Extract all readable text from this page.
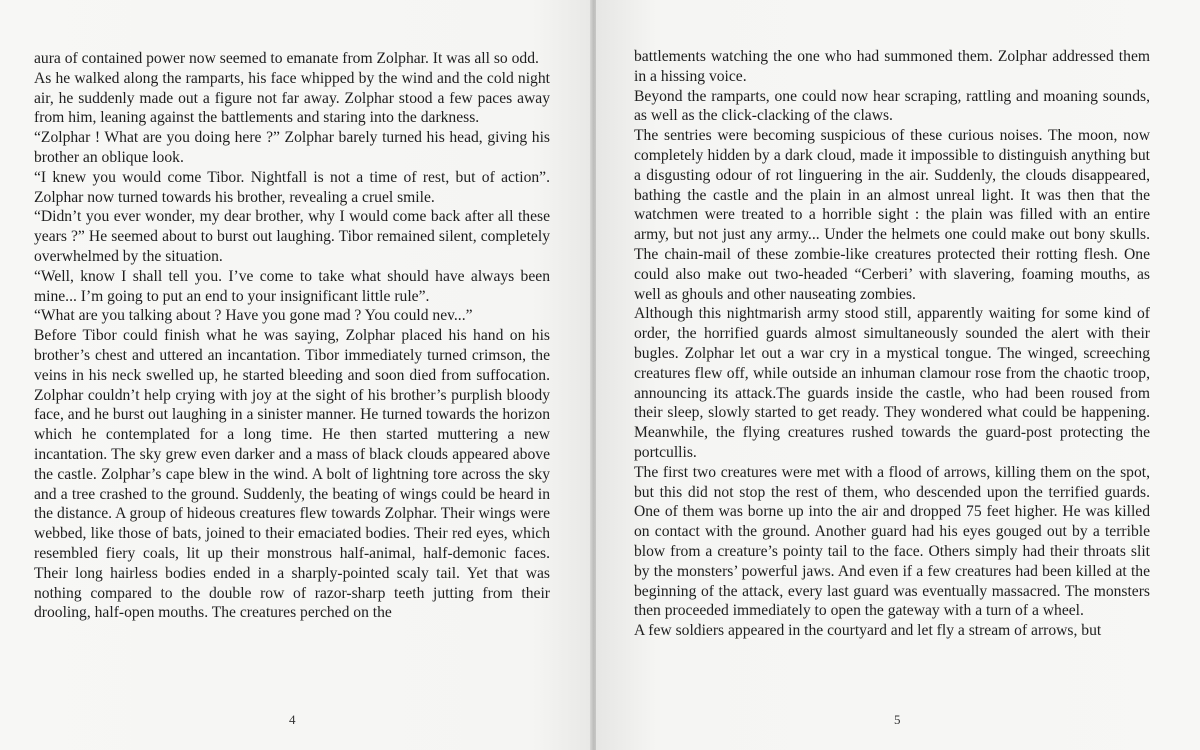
aura of contained power now seemed to emanate from Zolphar. It was all so odd.

As he walked along the ramparts, his face whipped by the wind and the cold night air, he suddenly made out a figure not far away. Zolphar stood a few paces away from him, leaning against the battlements and staring into the darkness.

“Zolphar ! What are you doing here ?” Zolphar barely turned his head, giving his brother an oblique look.

“I knew you would come Tibor. Nightfall is not a time of rest, but of action”. Zolphar now turned towards his brother, revealing a cruel smile.

“Didn’t you ever wonder, my dear brother, why I would come back after all these years ?” He seemed about to burst out laughing. Tibor remained silent, completely overwhelmed by the situation.

“Well, know I shall tell you. I’ve come to take what should have always been mine... I’m going to put an end to your insignificant little rule”.

“What are you talking about ? Have you gone mad ? You could nev...”

Before Tibor could finish what he was saying, Zolphar placed his hand on his brother’s chest and uttered an incantation. Tibor immediately turned crimson, the veins in his neck swelled up, he started bleeding and soon died from suffocation. Zolphar couldn’t help crying with joy at the sight of his brother’s purplish bloody face, and he burst out laughing in a sinister manner. He turned towards the horizon which he contemplated for a long time. He then started muttering a new incantation. The sky grew even darker and a mass of black clouds appeared above the castle. Zolphar’s cape blew in the wind. A bolt of lightning tore across the sky and a tree crashed to the ground. Suddenly, the beating of wings could be heard in the distance. A group of hideous creatures flew towards Zolphar. Their wings were webbed, like those of bats, joined to their emaciated bodies. Their red eyes, which resembled fiery coals, lit up their monstrous half-animal, half-demonic faces. Their long hairless bodies ended in a sharply-pointed scaly tail. Yet that was nothing compared to the double row of razor-sharp teeth jutting from their drooling, half-open mouths. The creatures perched on the

4

battlements watching the one who had summoned them. Zolphar addressed them in a hissing voice.

Beyond the ramparts, one could now hear scraping, rattling and moaning sounds, as well as the click-clacking of the claws.

The sentries were becoming suspicious of these curious noises. The moon, now completely hidden by a dark cloud, made it impossible to distinguish anything but a disgusting odour of rot linguering in the air. Suddenly, the clouds disappeared, bathing the castle and the plain in an almost unreal light. It was then that the watchmen were treated to a horrible sight : the plain was filled with an entire army, but not just any army... Under the helmets one could make out bony skulls. The chain-mail of these zombie-like creatures protected their rotting flesh. One could also make out two-headed “Cerberi’ with slavering, foaming mouths, as well as ghouls and other nauseating zombies.

Although this nightmarish army stood still, apparently waiting for some kind of order, the horrified guards almost simultaneously sounded the alert with their bugles. Zolphar let out a war cry in a mystical tongue. The winged, screeching creatures flew off, while outside an inhuman clamour rose from the chaotic troop, announcing its attack.The guards inside the castle, who had been roused from their sleep, slowly started to get ready. They wondered what could be happening. Meanwhile, the flying creatures rushed towards the guard-post protecting the portcullis.

The first two creatures were met with a flood of arrows, killing them on the spot, but this did not stop the rest of them, who descended upon the terrified guards. One of them was borne up into the air and dropped 75 feet higher. He was killed on contact with the ground. Another guard had his eyes gouged out by a terrible blow from a creature’s pointy tail to the face. Others simply had their throats slit by the monsters’ powerful jaws. And even if a few creatures had been killed at the beginning of the attack, every last guard was eventually massacred. The monsters then proceeded immediately to open the gateway with a turn of a wheel.

A few soldiers appeared in the courtyard and let fly a stream of arrows, but

5
